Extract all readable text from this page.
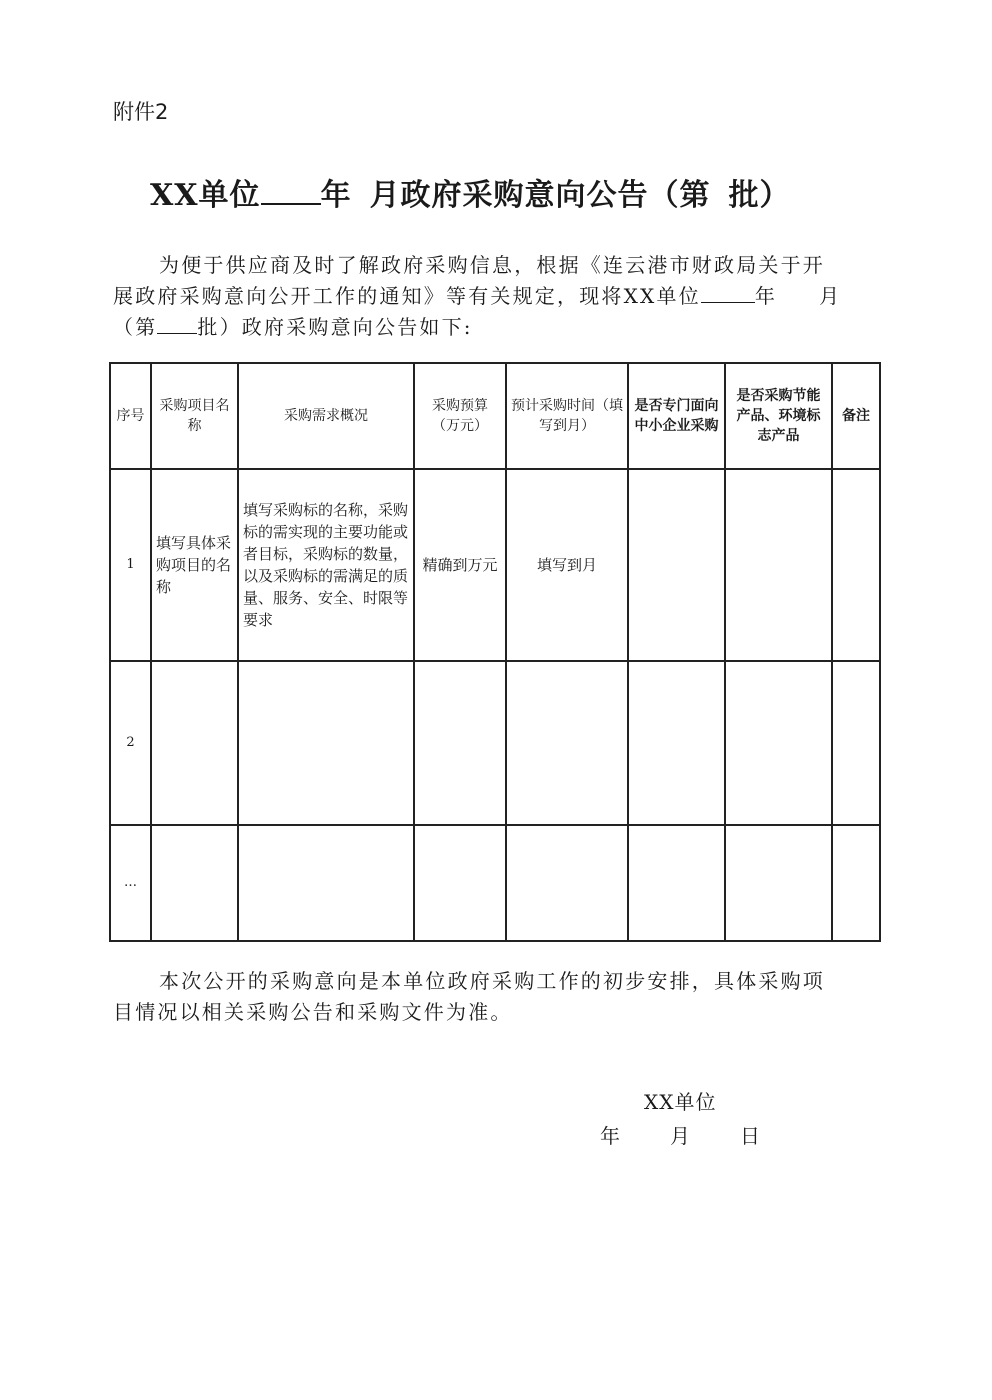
附件2
XX单位 年 月政府采购意向公告（第 批）
为便于供应商及时了解政府采购信息，根据《连云港市财政局关于开
展政府采购意向公开工作的通知》等有关规定，现将XX单位	年 月
（第 批）政府采购意向公告如下:
序号	采购项目名称	采购需求概况	采购预算（万元）	预计采购时间（填写到月）	是否专门面向中小企业采购	是否采购节能产品、环境标志产品	备注
1	填写具体采购项目的名称	填写采购标的名称，采购标的需实现的主要功能或者目标，采购标的数量，以及采购标的需满足的质量、服务、安全、时限等要求	精确到万元	填写到月			
2							
…							
本次公开的采购意向是本单位政府采购工作的初步安排，具体采购项
目情况以相关采购公告和采购文件为准。
XX单位
年 月 日
